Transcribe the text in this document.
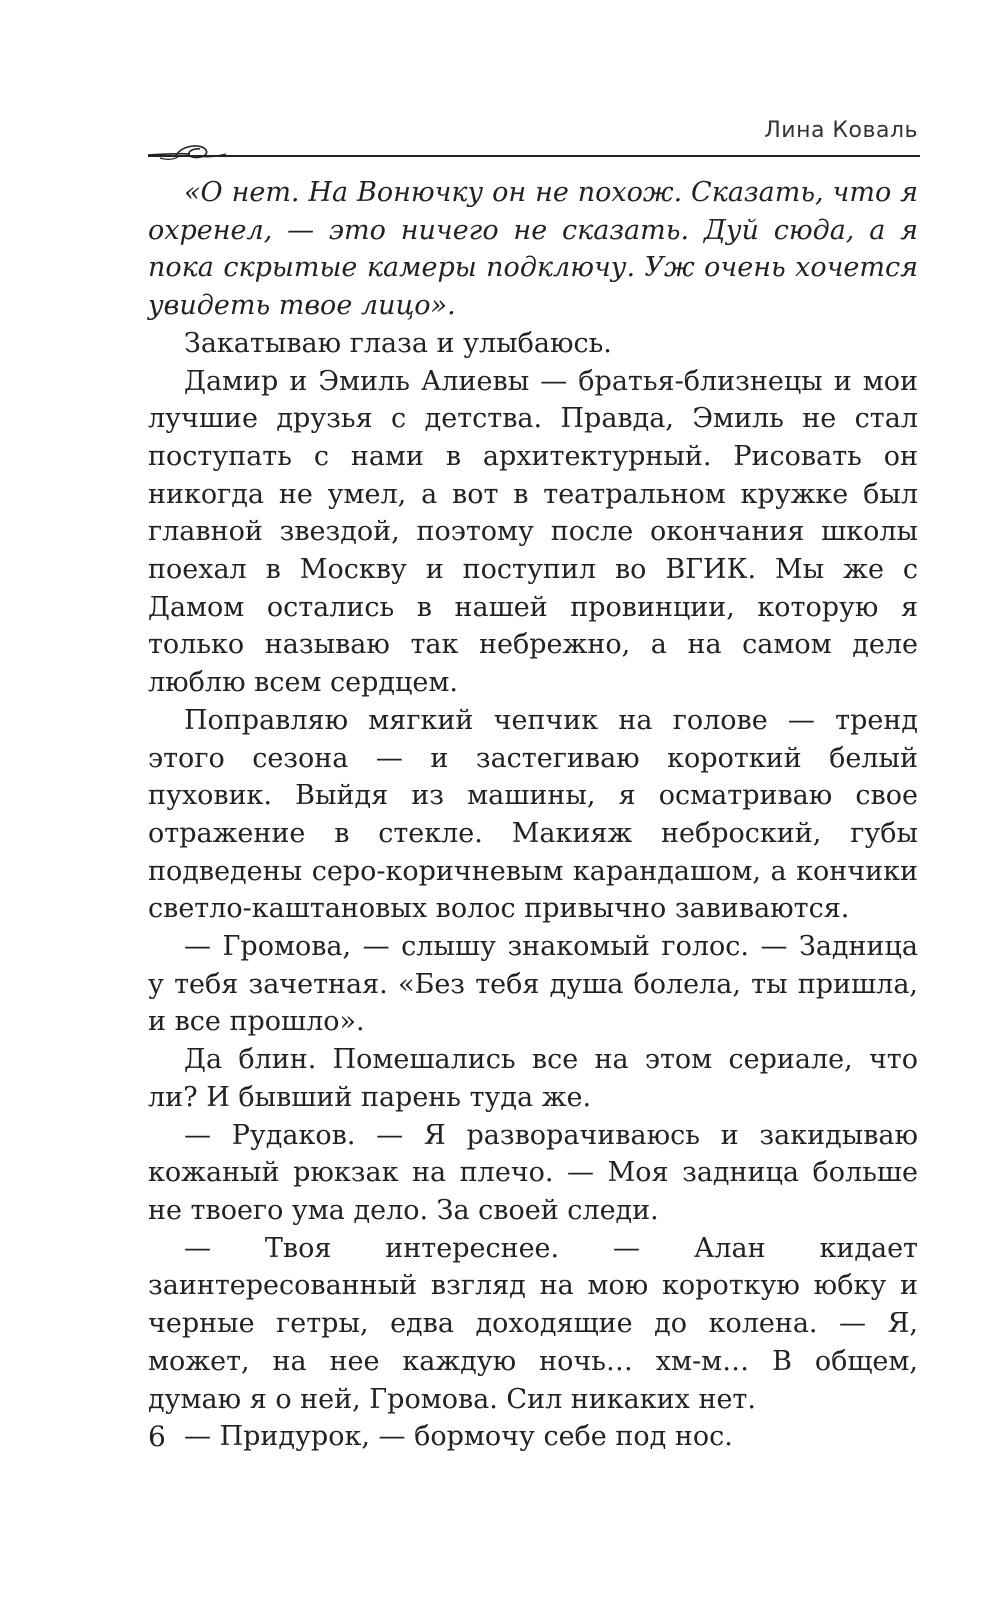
Лина Коваль

«О нет. На Вонючку он не похож. Сказать, что я охренел, — это ничего не сказать. Дуй сюда, а я пока скрытые камеры подключу. Уж очень хочется увидеть твое лицо».

Закатываю глаза и улыбаюсь.

Дамир и Эмиль Алиевы — братья-близнецы и мои лучшие друзья с детства. Правда, Эмиль не стал поступать с нами в архитектурный. Рисовать он никогда не умел, а вот в театральном кружке был главной звездой, поэтому после окончания школы поехал в Москву и поступил во ВГИК. Мы же с Дамом остались в нашей провинции, которую я только называю так небрежно, а на самом деле люблю всем сердцем.

Поправляю мягкий чепчик на голове — тренд этого сезона — и застегиваю короткий белый пуховик. Выйдя из машины, я осматриваю свое отражение в стекле. Макияж неброский, губы подведены серо-коричневым карандашом, а кончики светло-каштановых волос привычно завиваются.

— Громова, — слышу знакомый голос. — Задница у тебя зачетная. «Без тебя душа болела, ты пришла, и все прошло».

Да блин. Помешались все на этом сериале, что ли? И бывший парень туда же.

— Рудаков. — Я разворачиваюсь и закидываю кожаный рюкзак на плечо. — Моя задница больше не твоего ума дело. За своей следи.

— Твоя интереснее. — Алан кидает заинтересованный взгляд на мою короткую юбку и черные гетры, едва доходящие до колена. — Я, может, на нее каждую ночь… хм-м… В общем, думаю я о ней, Громова. Сил никаких нет.

— Придурок, — бормочу себе под нос.

6
